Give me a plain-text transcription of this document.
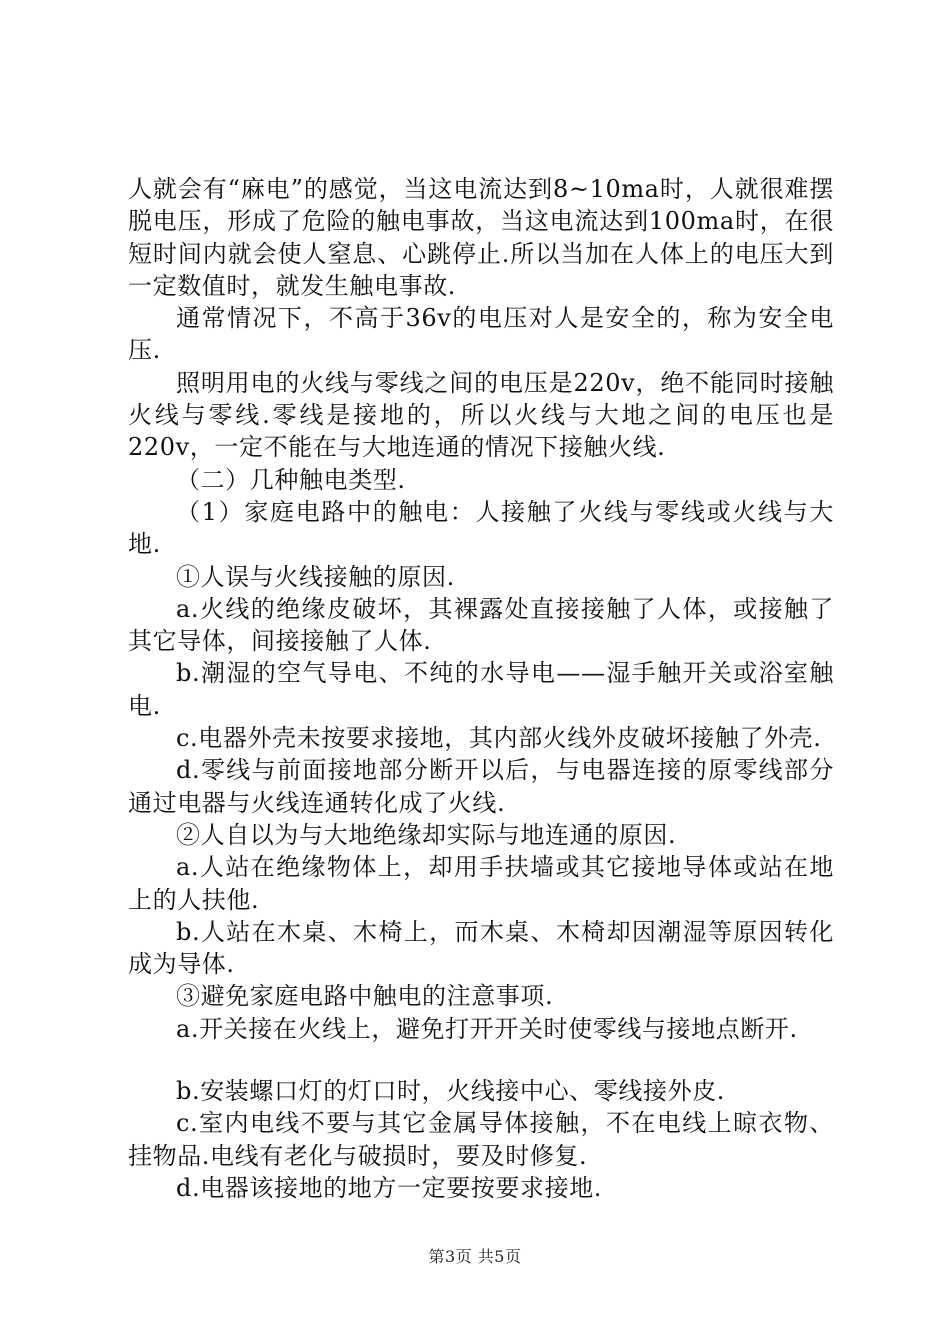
人就会有“麻电”的感觉，当这电流达到8~10ma时，人就很难摆脱电压，形成了危险的触电事故，当这电流达到100ma时，在很短时间内就会使人窒息、心跳停止.所以当加在人体上的电压大到一定数值时，就发生触电事故.

通常情况下，不高于36v的电压对人是安全的，称为安全电压.

照明用电的火线与零线之间的电压是220v，绝不能同时接触火线与零线.零线是接地的，所以火线与大地之间的电压也是220v，一定不能在与大地连通的情况下接触火线.

（二）几种触电类型.

（1）家庭电路中的触电：人接触了火线与零线或火线与大地.

①人误与火线接触的原因.

a.火线的绝缘皮破坏，其裸露处直接接触了人体，或接触了其它导体，间接接触了人体.

b.潮湿的空气导电、不纯的水导电——湿手触开关或浴室触电.

c.电器外壳未按要求接地，其内部火线外皮破坏接触了外壳.

d.零线与前面接地部分断开以后，与电器连接的原零线部分通过电器与火线连通转化成了火线.

②人自以为与大地绝缘却实际与地连通的原因.

a.人站在绝缘物体上，却用手扶墙或其它接地导体或站在地上的人扶他.

b.人站在木桌、木椅上，而木桌、木椅却因潮湿等原因转化成为导体.

③避免家庭电路中触电的注意事项.

a.开关接在火线上，避免打开开关时使零线与接地点断开.

b.安装螺口灯的灯口时，火线接中心、零线接外皮.

c.室内电线不要与其它金属导体接触，不在电线上晾衣物、挂物品.电线有老化与破损时，要及时修复.

d.电器该接地的地方一定要按要求接地.

第3页 共5页
